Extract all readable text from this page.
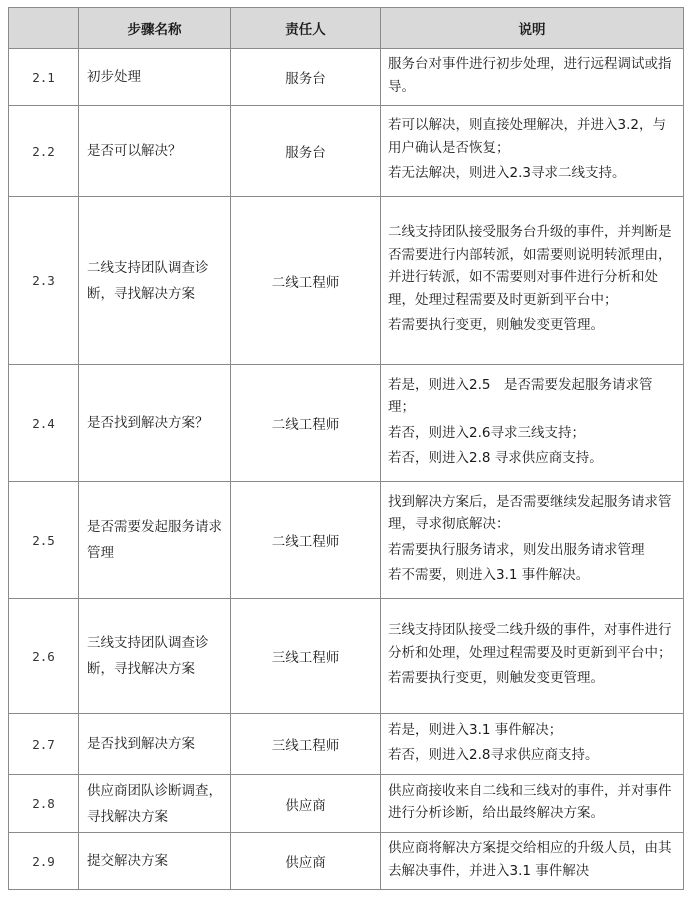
	步骤名称	责任人	说明
2.1	初步处理	服务台	服务台对事件进行初步处理，进行远程调试或指导。

2.2	是否可以解决？	服务台	若可以解决，则直接处理解决，并进入3.2，与用户确认是否恢复；
若无法解决，则进入2.3寻求二线支持。

2.3	二线支持团队调查诊断，寻找解决方案	二线工程师	二线支持团队接受服务台升级的事件，并判断是否需要进行内部转派，如需要则说明转派理由，并进行转派，如不需要则对事件进行分析和处理，处理过程需要及时更新到平台中；
若需要执行变更，则触发变更管理。

2.4	是否找到解决方案？	二线工程师	若是，则进入2.5　是否需要发起服务请求管理；
若否，则进入2.6寻求三线支持；
若否，则进入2.8 寻求供应商支持。

2.5	是否需要发起服务请求管理	二线工程师	找到解决方案后，是否需要继续发起服务请求管理，寻求彻底解决：
若需要执行服务请求，则发出服务请求管理
若不需要，则进入3.1 事件解决。

2.6	三线支持团队调查诊断，寻找解决方案	三线工程师	三线支持团队接受二线升级的事件，对事件进行分析和处理，处理过程需要及时更新到平台中；
若需要执行变更，则触发变更管理。

2.7	是否找到解决方案	三线工程师	若是，则进入3.1 事件解决；
若否，则进入2.8寻求供应商支持。

2.8	供应商团队诊断调查，寻找解决方案	供应商	供应商接收来自二线和三线对的事件，并对事件进行分析诊断，给出最终解决方案。

2.9	提交解决方案	供应商	供应商将解决方案提交给相应的升级人员，由其去解决事件，并进入3.1 事件解决
